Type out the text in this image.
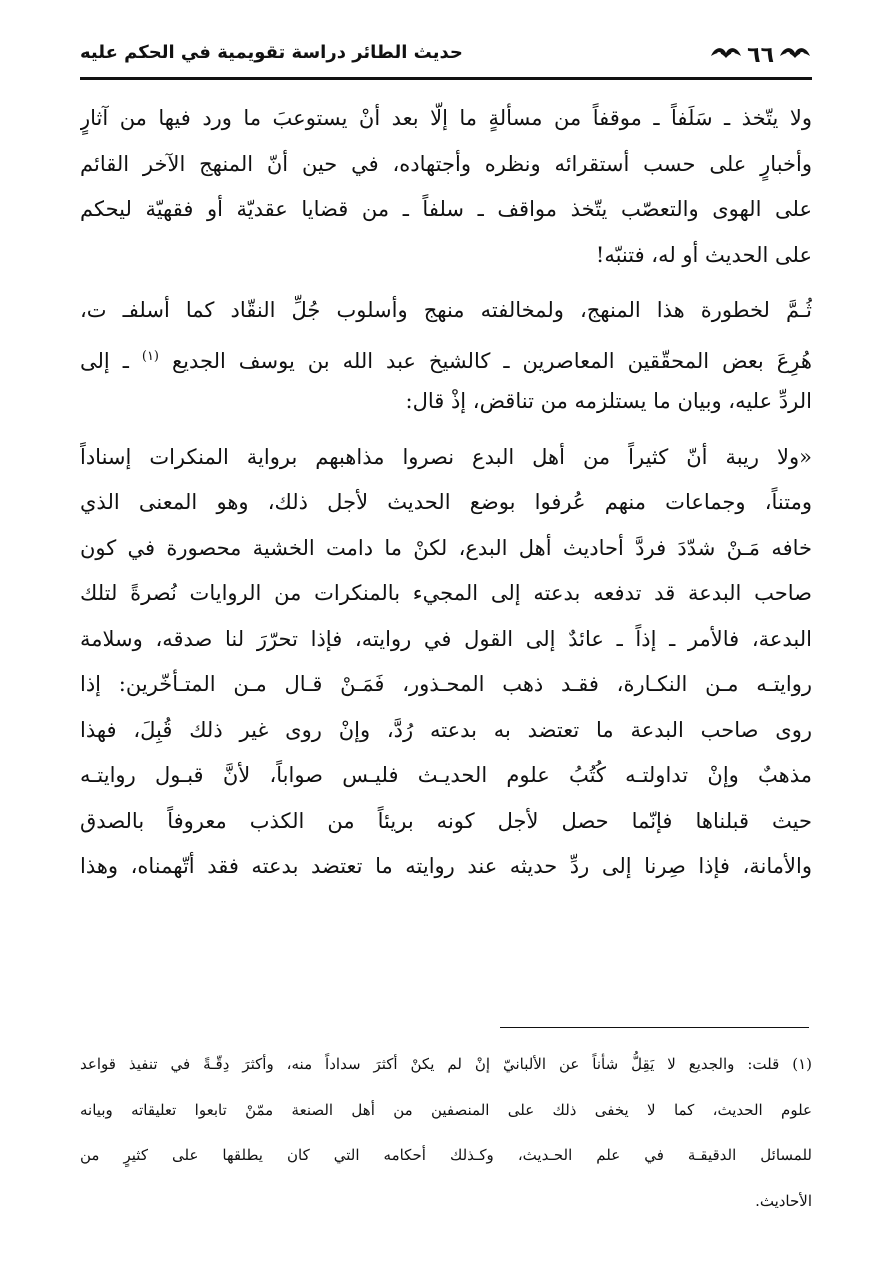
٦٦
حديث الطائر دراسة تقويمية في الحكم عليه
ولا يتّخذ ـ سَلَفاً ـ موقفاً من مسألةٍ ما إلّا بعد أنْ يستوعبَ ما ورد فيها من آثارٍ
وأخبارٍ على حسب أستقرائه ونظره وأجتهاده، في حين أنّ المنهج الآخر القائم
على الهوى والتعصّب يتّخذ مواقف ـ سلفاً ـ من قضايا عقديّة أو فقهيّة ليحكم
على الحديث أو له، فتنبّه!
ثُـمَّ لخطورة هذا المنهج، ولمخالفته منهج وأسلوب جُلِّ النقّاد كما أسلفـ ت،
هُرِعَ بعض المحقّقين المعاصرين ـ كالشيخ عبد الله بن يوسف الجديع $^{(١)}$ ـ إلى
الردِّ عليه، وبيان ما يستلزمه من تناقض، إذْ قال:
«ولا ريبة أنّ كثيراً من أهل البدع نصروا مذاهبهم برواية المنكرات إسناداً
ومتناً، وجماعات منهم عُرفوا بوضع الحديث لأجل ذلك، وهو المعنى الذي
خافه مَـنْ شدّدَ فردَّ أحاديث أهل البدع، لكنْ ما دامت الخشية محصورة في كون
صاحب البدعة قد تدفعه بدعته إلى المجيء بالمنكرات من الروايات نُصرةً لتلك
البدعة، فالأمر ـ إذاً ـ عائدٌ إلى القول في روايته، فإذا تحرّرَ لنا صدقه، وسلامة
روايتـه مـن النكـارة، فقـد ذهب المحـذور، فَمَـنْ قـال مـن المتـأخّرين: إذا
روى صاحب البدعة ما تعتضد به بدعته رُدَّ، وإنْ روى غير ذلك قُبِلَ، فهذا
مذهبٌ وإنْ تداولتـه كُتُبُ علوم الحديـث فليـس صواباً، لأنَّ قبـول روايتـه
حيث قبلناها فإنّما حصل لأجل كونه بريئاً من الكذب معروفاً بالصدق
والأمانة، فإذا صِرنا إلى ردِّ حديثه عند روايته ما تعتضد بدعته فقد أتّهمناه، وهذا
(١) قلت: والجديع لا يَقِلُّ شأناً عن الألبانيّ إنْ لم يكنْ أكثرَ سداداً منه، وأكثرَ دِقّـةً في تنفيذ قواعد
علوم الحديث، كما لا يخفى ذلك على المنصفين من أهل الصنعة ممّنْ تابعوا تعليقاته وبيانه
للمسائل الدقيقـة في علم الحـديث، وكـذلك أحكامه التي كان يطلقها على كثيرٍ من
الأحاديث.
